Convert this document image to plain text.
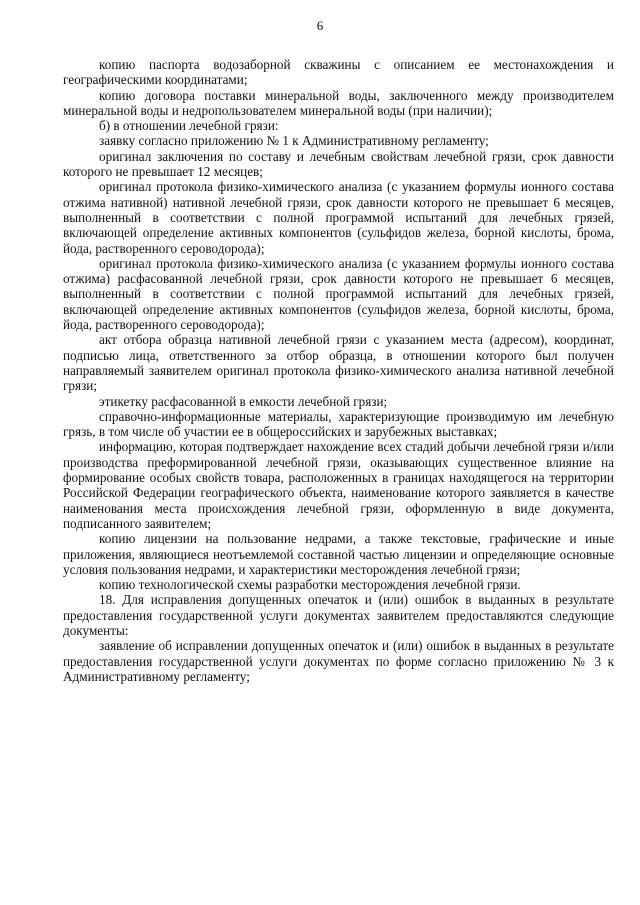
6

копию паспорта водозаборной скважины с описанием ее местонахождения и географическими координатами;

копию договора поставки минеральной воды, заключенного между производителем минеральной воды и недропользователем минеральной воды (при наличии);

б) в отношении лечебной грязи:

заявку согласно приложению № 1 к Административному регламенту;

оригинал заключения по составу и лечебным свойствам лечебной грязи, срок давности которого не превышает 12 месяцев;

оригинал протокола физико-химического анализа (с указанием формулы ионного состава отжима нативной) нативной лечебной грязи, срок давности которого не превышает 6 месяцев, выполненный в соответствии с полной программой испытаний для лечебных грязей, включающей определение активных компонентов (сульфидов железа, борной кислоты, брома, йода, растворенного сероводорода);

оригинал протокола физико-химического анализа (с указанием формулы ионного состава отжима) расфасованной лечебной грязи, срок давности которого не превышает 6 месяцев, выполненный в соответствии с полной программой испытаний для лечебных грязей, включающей определение активных компонентов (сульфидов железа, борной кислоты, брома, йода, растворенного сероводорода);

акт отбора образца нативной лечебной грязи с указанием места (адресом), координат, подписью лица, ответственного за отбор образца, в отношении которого был получен направляемый заявителем оригинал протокола физико-химического анализа нативной лечебной грязи;

этикетку расфасованной в емкости лечебной грязи;

справочно-информационные материалы, характеризующие производимую им лечебную грязь, в том числе об участии ее в общероссийских и зарубежных выставках;

информацию, которая подтверждает нахождение всех стадий добычи лечебной грязи и/или производства преформированной лечебной грязи, оказывающих существенное влияние на формирование особых свойств товара, расположенных в границах находящегося на территории Российской Федерации географического объекта, наименование которого заявляется в качестве наименования места происхождения лечебной грязи, оформленную в виде документа, подписанного заявителем;

копию лицензии на пользование недрами, а также текстовые, графические и иные приложения, являющиеся неотъемлемой составной частью лицензии и определяющие основные условия пользования недрами, и характеристики месторождения лечебной грязи;

копию технологической схемы разработки месторождения лечебной грязи.

18. Для исправления допущенных опечаток и (или) ошибок в выданных в результате предоставления государственной услуги документах заявителем предоставляются следующие документы:

заявление об исправлении допущенных опечаток и (или) ошибок в выданных в результате предоставления государственной услуги документах по форме согласно приложению № 3 к Административному регламенту;
